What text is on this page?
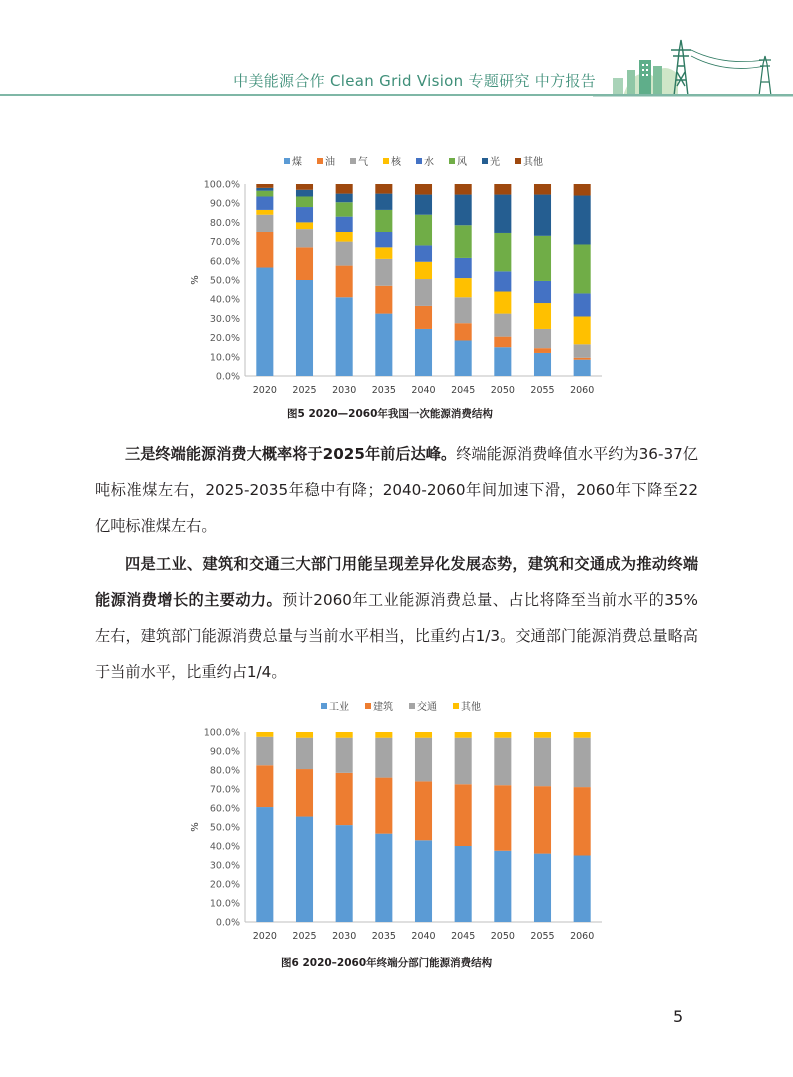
中美能源合作 Clean Grid Vision 专题研究 中方报告
煤 油 气 核 水 风 光 其他
0.0%
10.0%
20.0%
30.0%
40.0%
50.0%
60.0%
70.0%
80.0%
90.0%
100.0%
%
2020 2025 2030 2035 2040 2045 2050 2055 2060
图5 2020—2060年我国一次能源消费结构

三是终端能源消费大概率将于2025年前后达峰。终端能源消费峰值水平约为36-37亿吨标准煤左右，2025-2035年稳中有降；2040-2060年间加速下滑，2060年下降至22亿吨标准煤左右。

四是工业、建筑和交通三大部门用能呈现差异化发展态势，建筑和交通成为推动终端能源消费增长的主要动力。预计2060年工业能源消费总量、占比将降至当前水平的35%左右，建筑部门能源消费总量与当前水平相当，比重约占1/3。交通部门能源消费总量略高于当前水平，比重约占1/4。

工业 建筑 交通 其他
0.0%
10.0%
20.0%
30.0%
40.0%
50.0%
60.0%
70.0%
80.0%
90.0%
100.0%
%
2020 2025 2030 2035 2040 2045 2050 2055 2060
图6 2020–2060年终端分部门能源消费结构
5
